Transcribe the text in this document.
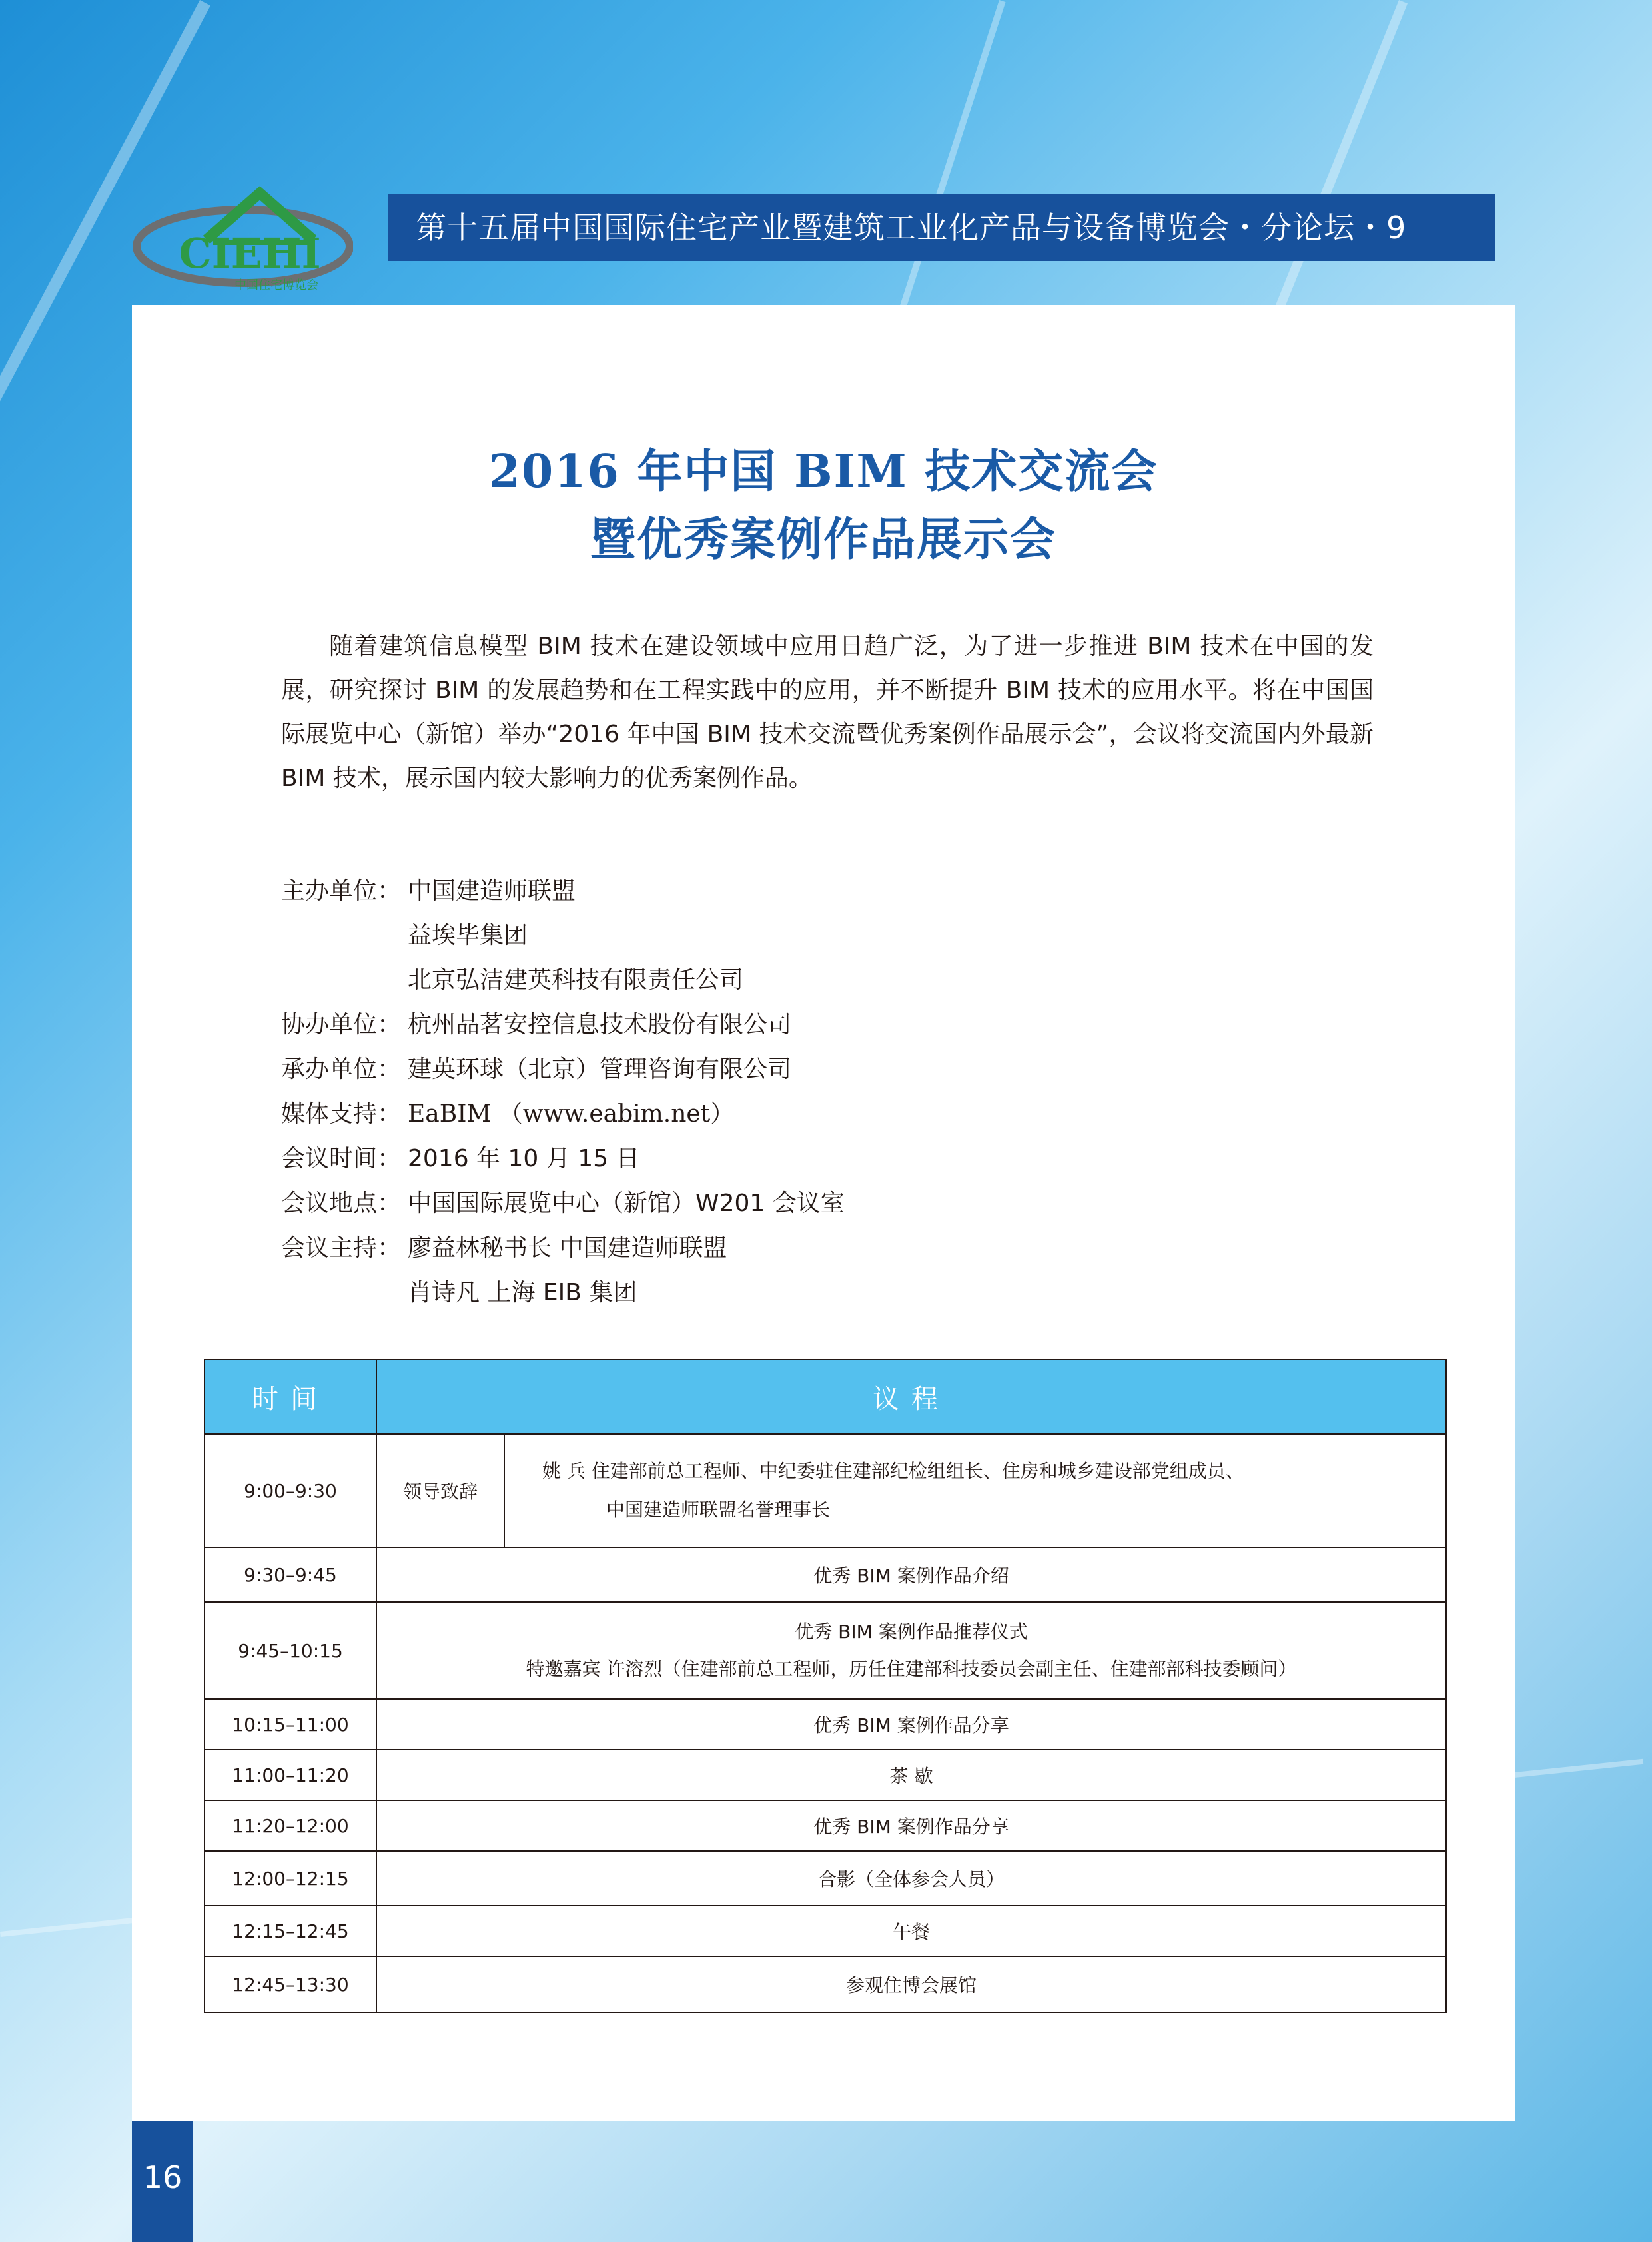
CIEHI
中国住宅博览会
第十五届中国国际住宅产业暨建筑工业化产品与设备博览会・分论坛・9
2016 年中国 BIM 技术交流会
暨优秀案例作品展示会

随着建筑信息模型 BIM 技术在建设领域中应用日趋广泛，为了进一步推进 BIM 技术在中国的发展，研究探讨 BIM 的发展趋势和在工程实践中的应用，并不断提升 BIM 技术的应用水平。将在中国国际展览中心（新馆）举办“2016 年中国 BIM 技术交流暨优秀案例作品展示会”，会议将交流国内外最新 BIM 技术，展示国内较大影响力的优秀案例作品。

主办单位： 中国建造师联盟
益埃毕集团
北京弘洁建英科技有限责任公司
协办单位： 杭州品茗安控信息技术股份有限公司
承办单位： 建英环球（北京）管理咨询有限公司
媒体支持： EaBIM （www.eabim.net）
会议时间： 2016 年 10 月 15 日
会议地点： 中国国际展览中心（新馆）W201 会议室
会议主持： 廖益林秘书长 中国建造师联盟
肖诗凡 上海 EIB 集团
时间	议程	
9:00–9:30	领导致辞	姚 兵 住建部前总工程师、中纪委驻住建部纪检组组长、住房和城乡建设部党组成员、
中国建造师联盟名誉理事长

9:30–9:45	优秀 BIM 案例作品介绍	
9:45–10:15	优秀 BIM 案例作品推荐仪式
特邀嘉宾 许溶烈（住建部前总工程师，历任住建部科技委员会副主任、住建部部科技委顾问）	

10:15–11:00	优秀 BIM 案例作品分享	
11:00–11:20	茶 歇	
11:20–12:00	优秀 BIM 案例作品分享	
12:00–12:15	合影（全体参会人员）	
12:15–12:45	午餐	
12:45–13:30	参观住博会展馆	
16
